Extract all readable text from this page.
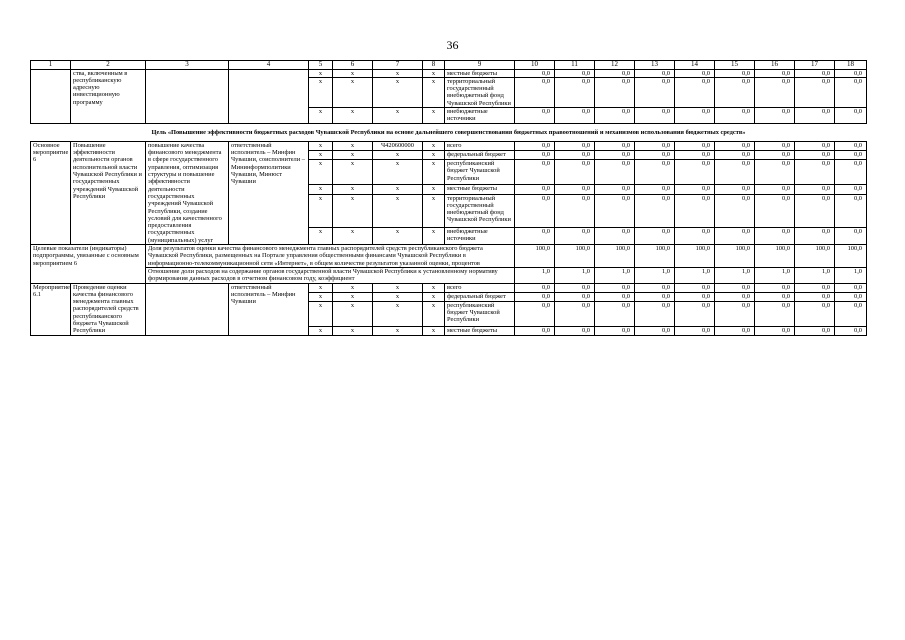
36
1	2	3	4	5	6	7	8	9	10	11	12	13	14	15	16	17	18
	ства, включенным в республиканскую адресную инвестиционную программу			x	x	x	x	местные бюджеты	0,0	0,0	0,0	0,0	0,0	0,0	0,0	0,0	0,0
				x	x	x	x	территориальный государственный внебюджетный фонд Чувашской Республики	0,0	0,0	0,0	0,0	0,0	0,0	0,0	0,0	0,0
				x	x	x	x	внебюджетные источники	0,0	0,0	0,0	0,0	0,0	0,0	0,0	0,0	0,0
Цель «Повышение эффективности бюджетных расходов Чувашской Республики на основе дальнейшего совершенствования бюджетных правоотношений и механизмов использования бюджетных средств»																	
Основное мероприятие 6	Повышение эффективности деятельности органов исполнительной власти Чувашской Республики и государственных учреждений Чувашской Республики	повышение качества финансового менеджмента в сфере государственного управления, оптимизация структуры и повышение эффективности деятельности государственных учреждений Чувашской Республики, создание условий для качественного предоставления государственных (муниципальных) услуг	ответственный исполнитель – Минфин Чувашии, соисполнители – Мининформполитики Чувашии, Минюст Чувашии	x	x	Ч420600000	x	всего	0,0	0,0	0,0	0,0	0,0	0,0	0,0	0,0	0,0
				x	x	x	x	федеральный бюджет	0,0	0,0	0,0	0,0	0,0	0,0	0,0	0,0	0,0
				x	x	x	x	республиканский бюджет Чувашской Республики	0,0	0,0	0,0	0,0	0,0	0,0	0,0	0,0	0,0
				x	x	x	x	местные бюджеты	0,0	0,0	0,0	0,0	0,0	0,0	0,0	0,0	0,0
				x	x	x	x	территориальный государственный внебюджетный фонд Чувашской Республики	0,0	0,0	0,0	0,0	0,0	0,0	0,0	0,0	0,0
				x	x	x	x	внебюджетные источники	0,0	0,0	0,0	0,0	0,0	0,0	0,0	0,0	0,0
Целевые показатели (индикаторы) подпрограммы, увязанные с основным мероприятием 6		Доля результатов оценки качества финансового менеджмента главных распорядителей средств республиканского бюджета Чувашской Республики, размещенных на Портале управления общественными финансами Чувашской Республики в информационно-телекоммуникационной сети «Интернет», в общем количестве результатов указанной оценки, процентов							100,0	100,0	100,0	100,0	100,0	100,0	100,0	100,0	100,0
		Отношение доли расходов на содержание органов государственной власти Чувашской Республики к установленному нормативу формирования данных расходов в отчетном финансовом году, коэффициент							1,0	1,0	1,0	1,0	1,0	1,0	1,0	1,0	1,0
Мероприятие 6.1	Проведение оценки качества финансового менеджмента главных распорядителей средств республиканского бюджета Чувашской Республики		ответственный исполнитель – Минфин Чувашии	x	x	x	x	всего	0,0	0,0	0,0	0,0	0,0	0,0	0,0	0,0	0,0
				x	x	x	x	федеральный бюджет	0,0	0,0	0,0	0,0	0,0	0,0	0,0	0,0	0,0
				x	x	x	x	республиканский бюджет Чувашской Республики	0,0	0,0	0,0	0,0	0,0	0,0	0,0	0,0	0,0
				x	x	x	x	местные бюджеты	0,0	0,0	0,0	0,0	0,0	0,0	0,0	0,0	0,0
